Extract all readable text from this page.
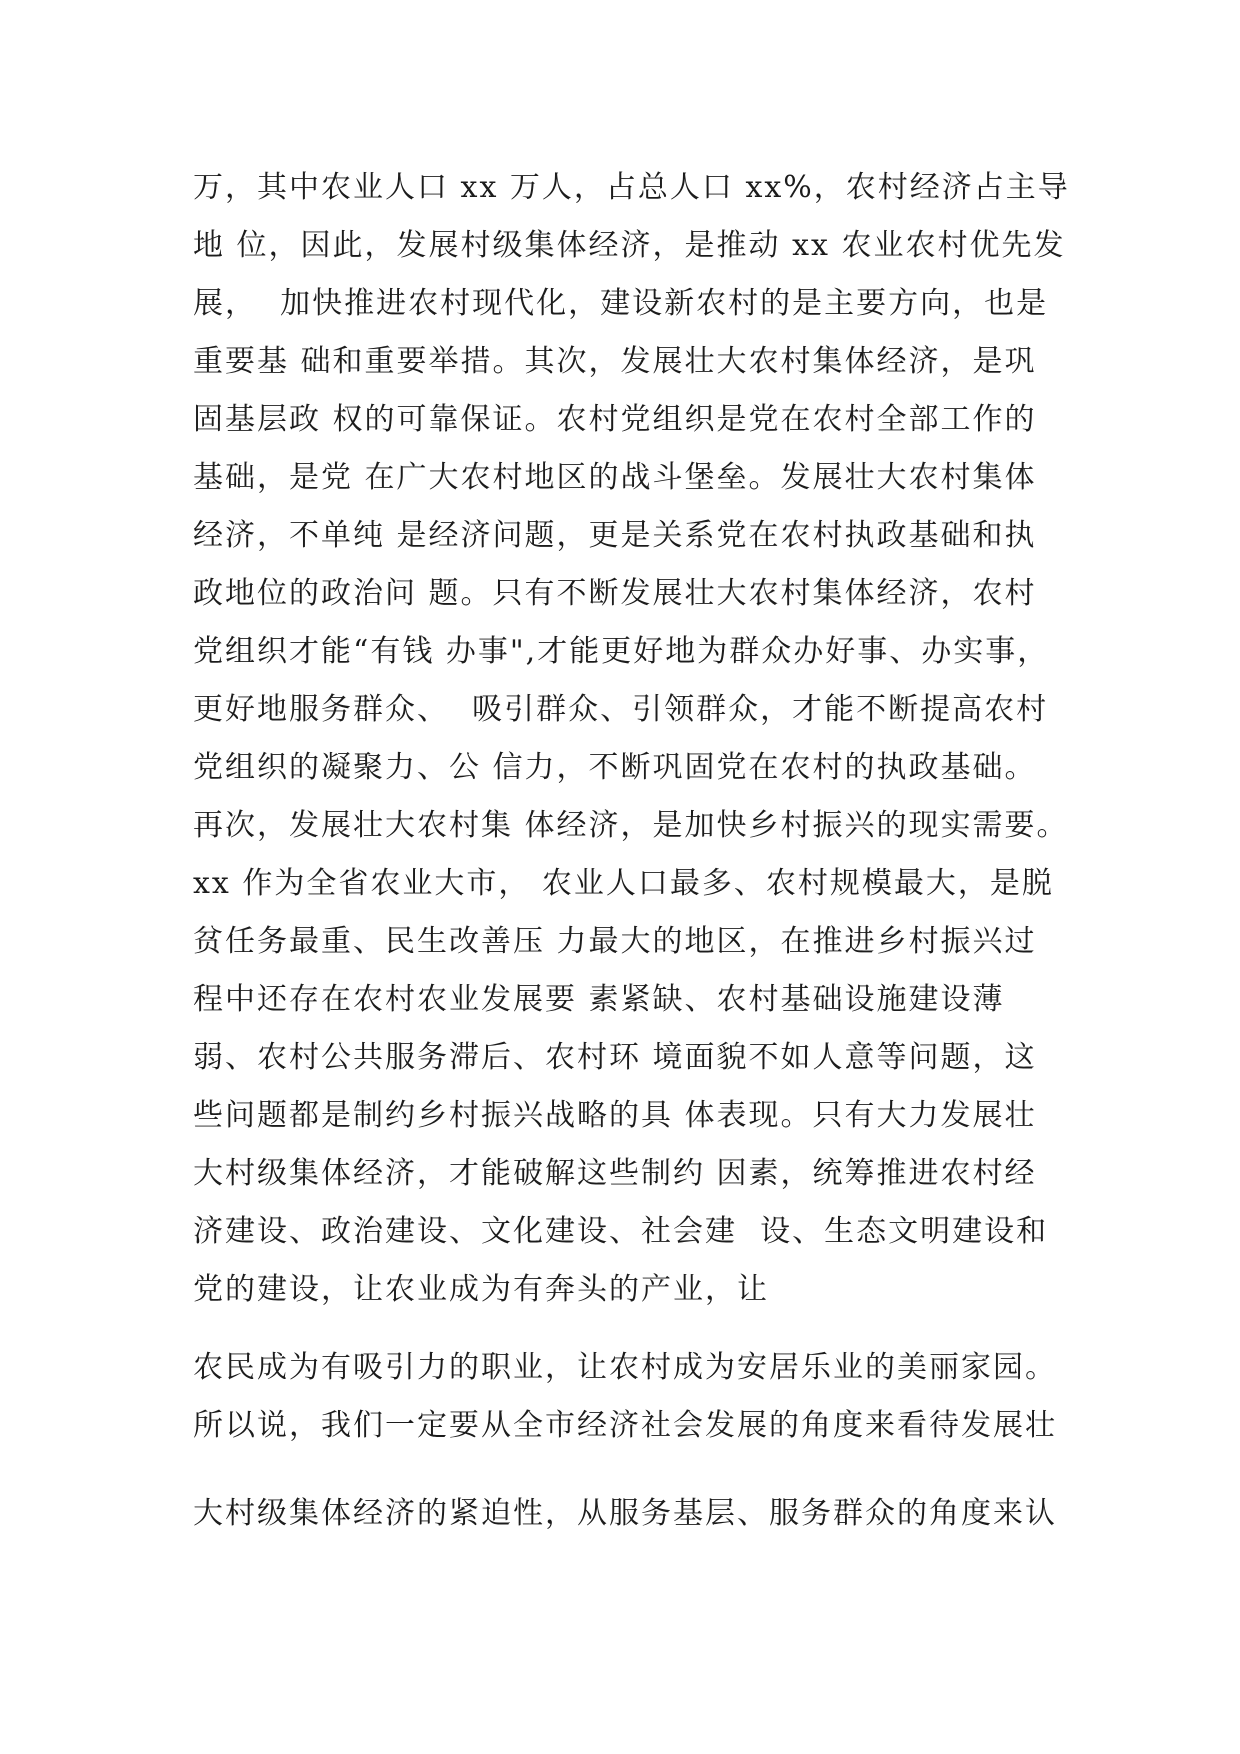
万，其中农业人口 xx 万人，占总人口 xx%，农村经济占主导
地 位，因此，发展村级集体经济，是推动 xx 农业农村优先发
展，  加快推进农村现代化，建设新农村的是主要方向，也是
重要基 础和重要举措。其次，发展壮大农村集体经济，是巩
固基层政 权的可靠保证。农村党组织是党在农村全部工作的
基础，是党 在广大农村地区的战斗堡垒。发展壮大农村集体
经济，不单纯 是经济问题，更是关系党在农村执政基础和执
政地位的政治问 题。只有不断发展壮大农村集体经济，农村
党组织才能“有钱 办事",才能更好地为群众办好事、办实事，
更好地服务群众、  吸引群众、引领群众，才能不断提高农村
党组织的凝聚力、公 信力，不断巩固党在农村的执政基础。
再次，发展壮大农村集 体经济，是加快乡村振兴的现实需要。
xx 作为全省农业大市， 农业人口最多、农村规模最大，是脱
贫任务最重、民生改善压 力最大的地区，在推进乡村振兴过
程中还存在农村农业发展要 素紧缺、农村基础设施建设薄
弱、农村公共服务滞后、农村环 境面貌不如人意等问题，这
些问题都是制约乡村振兴战略的具 体表现。只有大力发展壮
大村级集体经济，才能破解这些制约 因素，统筹推进农村经
济建设、政治建设、文化建设、社会建  设、生态文明建设和
党的建设，让农业成为有奔头的产业，让
农民成为有吸引力的职业，让农村成为安居乐业的美丽家园。
所以说，我们一定要从全市经济社会发展的角度来看待发展壮
大村级集体经济的紧迫性，从服务基层、服务群众的角度来认
